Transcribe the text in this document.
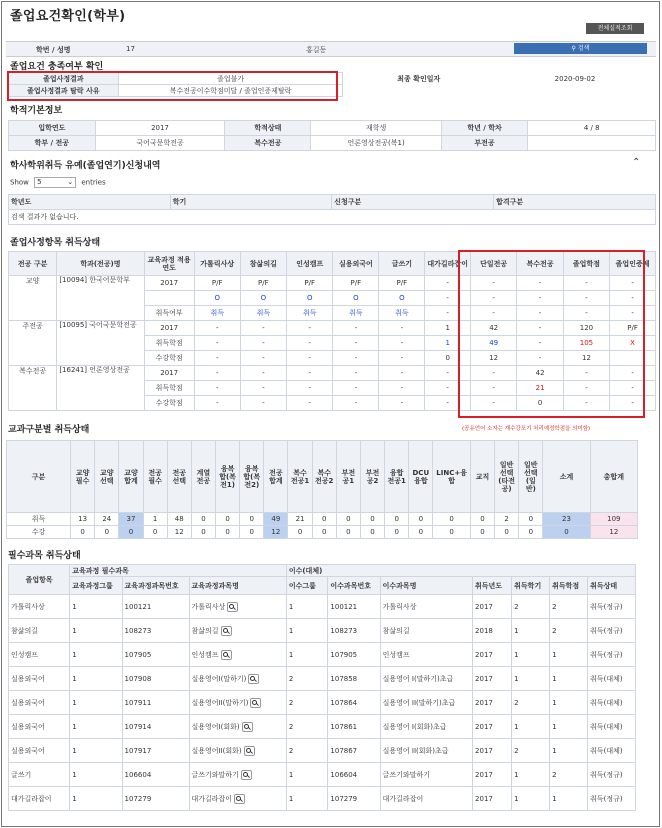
졸업요건확인(학부)
전체실적조회
학번 / 성명	17	홍길동	⚲ 검색
졸업요건 충족여부 확인
졸업사정결과	졸업불가	최종 확인일자	2020-09-02
졸업사정결과 탈락 사유	복수전공이수학점미달 / 졸업인증제탈락		
학적기본정보
입학연도	2017	학적상태	재학생	학년 / 학차	4 / 8
학부 / 전공	국어국문학전공	복수전공	언론영상전공(복1)	부전공	
학사학위취득 유예(졸업연기)신청내역	⌃
Show 5	⌄ entries
학년도	학기	신청구분	합격구분
검색 결과가 없습니다.
졸업사정항목 취득상태
전공 구분	학과(전공)명	교육과정 적용연도	가톨릭사상	참삶의길	인성캠프	실용외국어	글쓰기	대가길라잡이	단일전공	복수전공	졸업학점	졸업인증제
교양	[10094] 한국어문학부	2017	P/F	P/F	P/F	P/F	P/F	-	-	-	-	-
			O	O	O	O	O	-	-	-	-	-
		취득여부	취득	취득	취득	취득	취득	-	-	-	-	-
주전공	[10095] 국어국문학전공	2017	-	-	-	-	-	1	42	-	120	P/F
		취득학점	-	-	-	-	-	1	49	-	105	X
		수강학점	-	-	-	-	-	0	12	-	12	
복수전공	[16241] 언론영상전공	2017	-	-	-	-	-	-	-	42	-	-
		취득학점	-	-	-	-	-	-	-	21	-	-
		수강학점	-	-	-	-	-	-	-	0	-	-
교과구분별 취득상태	(공유언어 소자는 재수강포기 처리예정학점을 의미함)
구분	교양필수	교양선택	교양합계	전공필수	전공선택	계열전공	융복합(복전1)	융복합(복전2)	전공합계	복수전공1	복수전공2	부전공1	부전공2	융합전공1	DCU융합	LINC+융합	교직	일반선택(타전공)	일반선택(일반)	소계	총합계
취득	13	24	37	1	48	0	0	0	49	21	0	0	0	0	0	0	0	2	0	23	109
수강	0	0	0	0	12	0	0	0	12	0	0	0	0	0	0	0	0	0	0	0	12
필수과목 취득상태
졸업항목	교육과정 필수과목			이수(대체)						
	교육과정그룹	교육과정과목번호	교육과정과목명	이수그룹	이수과목번호	이수과목명	취득년도	취득학기	취득학점	취득상태
가톨릭사상	1	100121	가톨릭사상	1	100121	가톨릭사상	2017	2	2	취득(정규)
참삶의길	1	108273	참삶의길	1	108273	참삶의길	2018	1	2	취득(정규)
인성캠프	1	107905	인성캠프	1	107905	인성캠프	2017	1	1	취득(정규)
실용외국어	1	107908	실용영어I(말하기)	2	107858	실용영어 I(말하기)초급	2017	1	1	취득(대체)
실용외국어	1	107911	실용영어II(말하기)	2	107864	실용영어 II(말하기)초급	2017	2	1	취득(대체)
실용외국어	1	107914	실용영어I(회화)	2	107861	실용영어 I(회화)초급	2017	1	1	취득(대체)
실용외국어	1	107917	실용영어II(회화)	2	107867	실용영어 II(회화)초급	2017	2	1	취득(대체)
글쓰기	1	106604	글쓰기와말하기	1	106604	글쓰기와말하기	2017	1	2	취득(정규)
대가길라잡이	1	107279	대가길라잡이	1	107279	대가길라잡이	2017	1	1	취득(정규)
